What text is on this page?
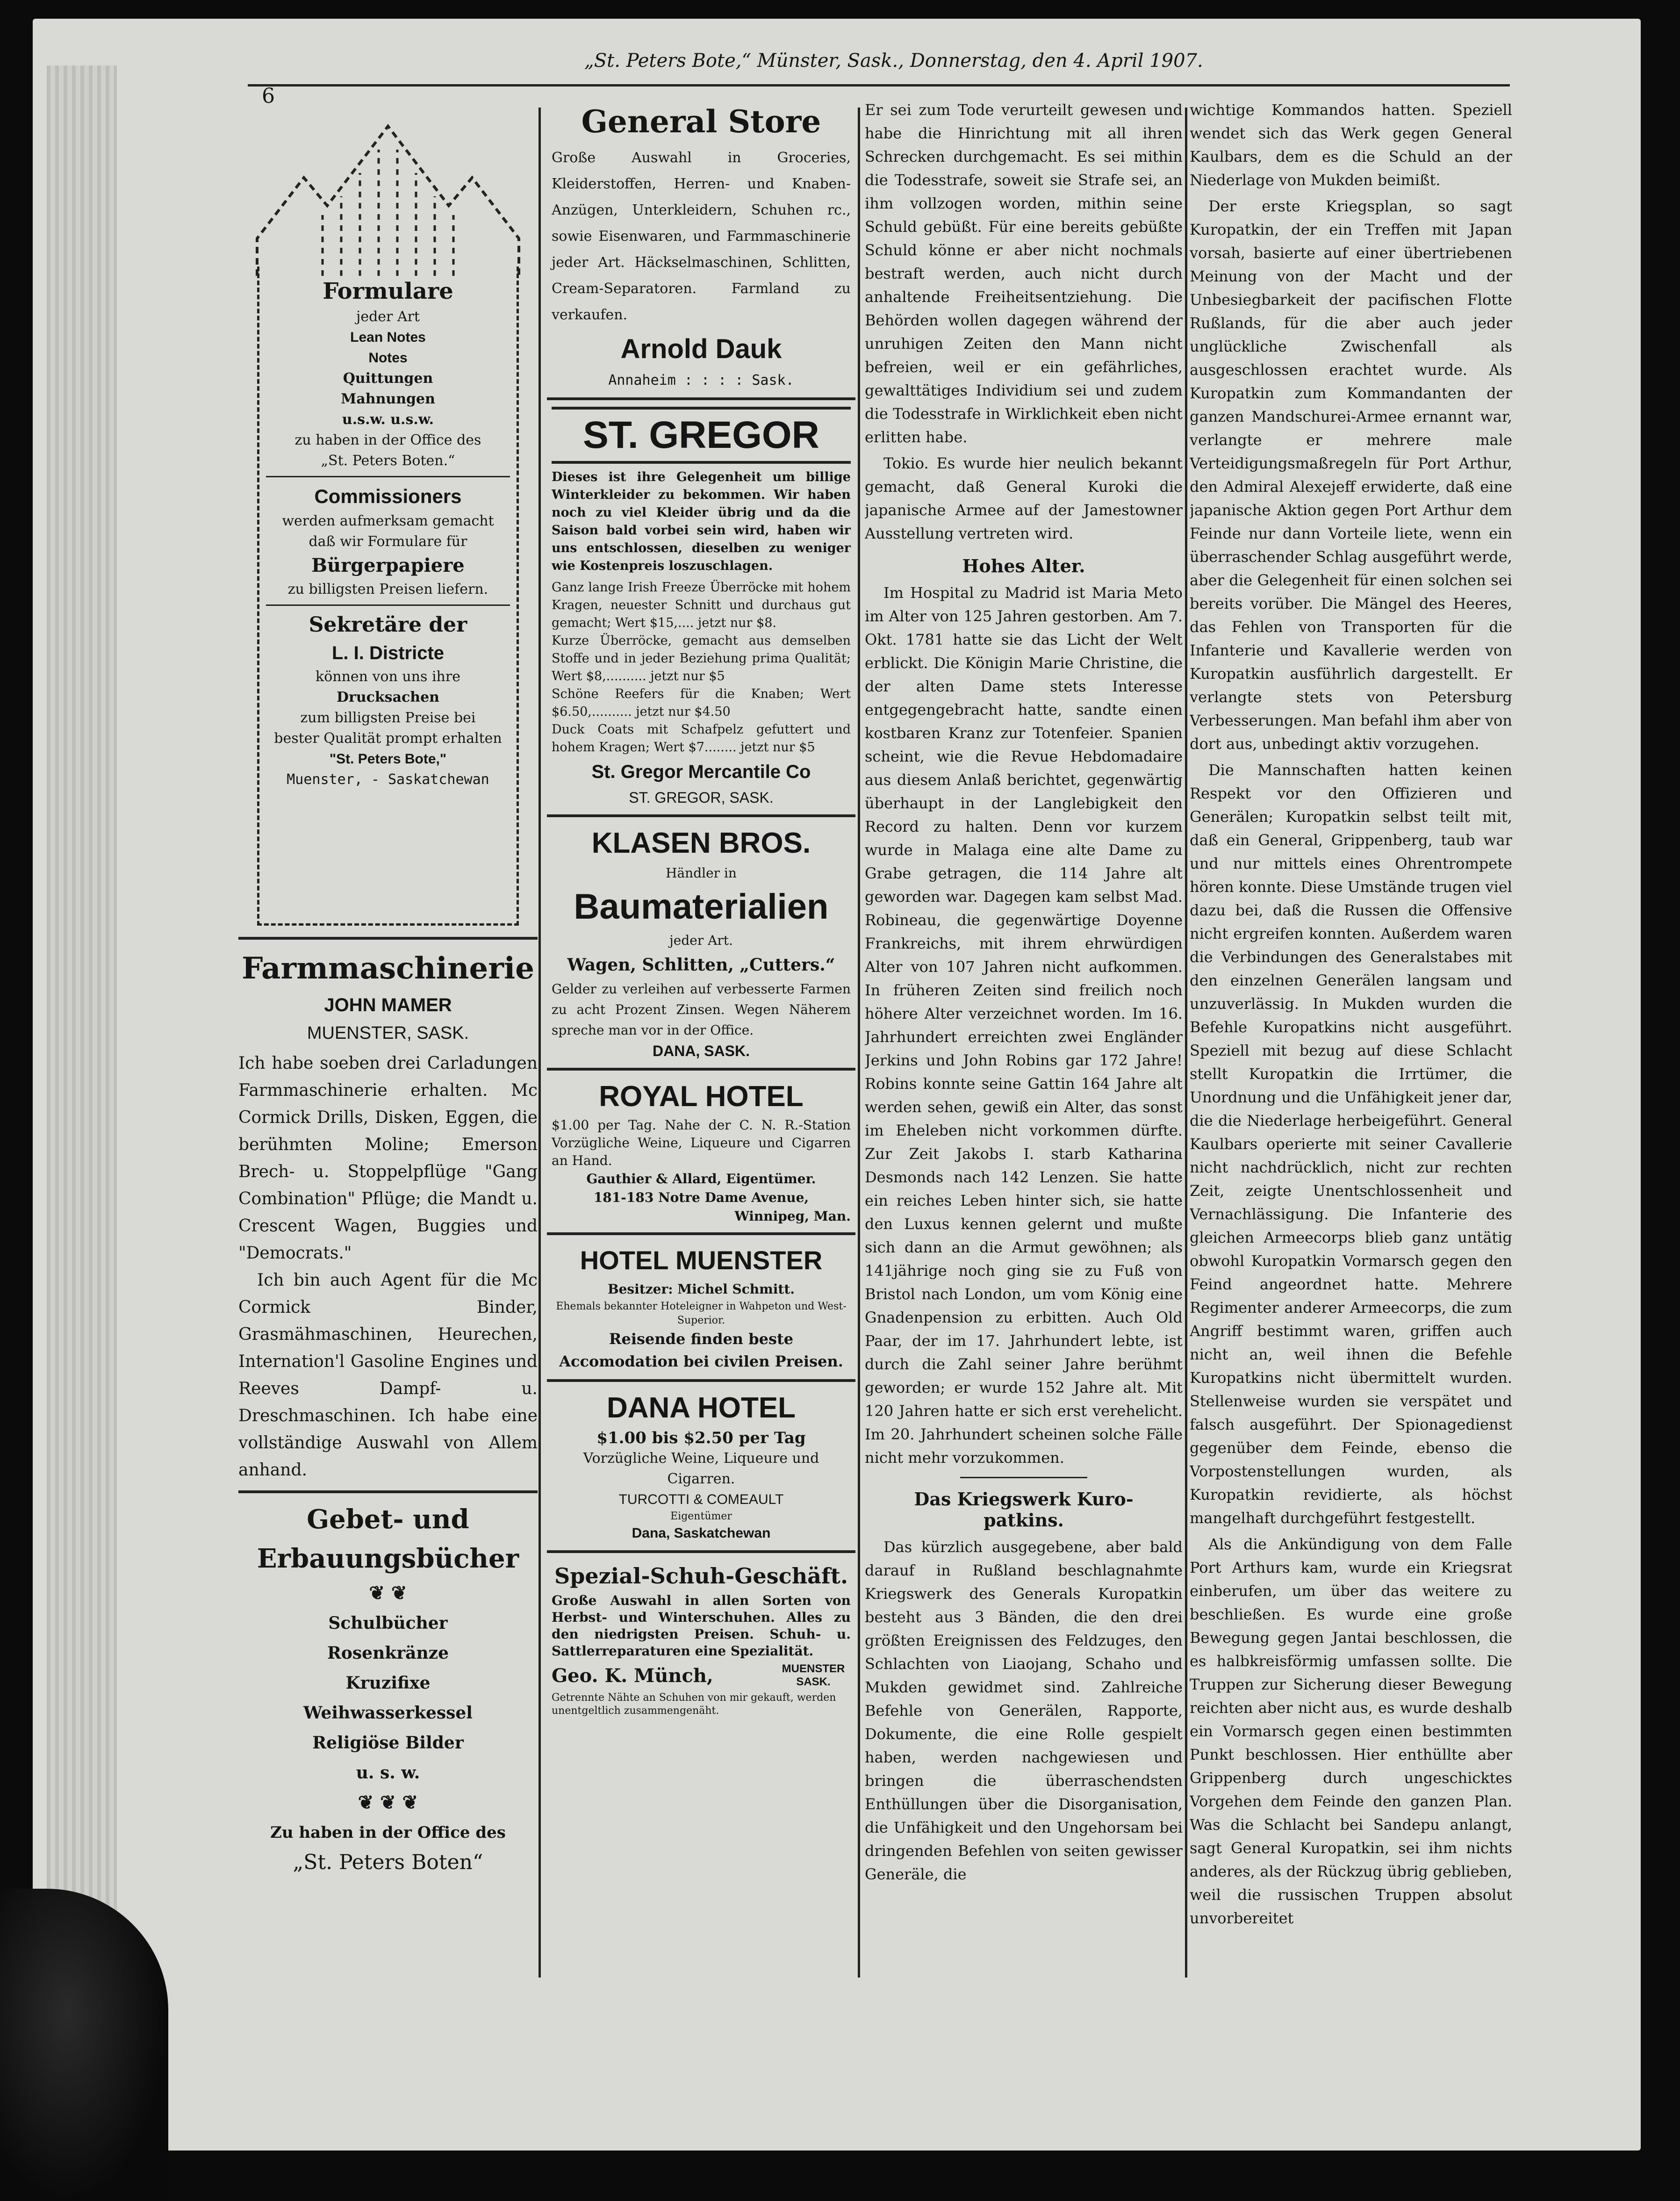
„St. Peters Bote,“ Münster, Sask., Donnerstag, den 4. April 1907.
6
Formulare
jeder Art
Lean Notes
Notes
Quittungen
Mahnungen
u.s.w. u.s.w.
zu haben in der Office des
„St. Peters Boten.“
Commissioners
werden aufmerksam gemacht
daß wir Formulare für
Bürgerpapiere
zu billigsten Preisen liefern.
Sekretäre der
L. I. Districte
können von uns ihre
Drucksachen
zum billigsten Preise bei
bester Qualität prompt erhalten
"St. Peters Bote,"
Muenster, - Saskatchewan
Farmmaschinerie
JOHN MAMER
MUENSTER, SASK.

Ich habe soeben drei Carladungen Farmmaschinerie erhalten. Mc Cormick Drills, Disken, Eggen, die berühmten Moline; Emerson Brech- u. Stoppelpflüge "Gang Combination" Pflüge; die Mandt u. Crescent Wagen, Buggies und "Democrats."

Ich bin auch Agent für die Mc Cormick Binder, Grasmähmaschinen, Heurechen, Internation'l Gasoline Engines und Reeves Dampf- u. Dreschmaschinen. Ich habe eine vollständige Auswahl von Allem anhand.

Gebet- und
Erbauungsbücher
❦ ❦
Schulbücher
Rosenkränze
Kruzifixe
Weihwasserkessel
Religiöse Bilder
u. s. w.
❦ ❦ ❦
Zu haben in der Office des
„St. Peters Boten“
General Store

Große Auswahl in Groceries, Kleiderstoffen, Herren- und Knaben-Anzügen, Unterkleidern, Schuhen rc., sowie Eisenwaren, und Farmmaschinerie jeder Art. Häckselmaschinen, Schlitten, Cream-Separatoren. Farmland zu verkaufen.

Arnold Dauk
Annaheim : : : : Sask.
ST. GREGOR

Dieses ist ihre Gelegenheit um billige Winterkleider zu bekommen. Wir haben noch zu viel Kleider übrig und da die Saison bald vorbei sein wird, haben wir uns entschlossen, dieselben zu weniger wie Kostenpreis loszuschlagen.

Ganz lange Irish Freeze Überröcke mit hohem Kragen, neuester Schnitt und durchaus gut gemacht; Wert $15,.... jetzt nur $8.

Kurze Überröcke, gemacht aus demselben Stoffe und in jeder Beziehung prima Qualität; Wert $8,.......... jetzt nur $5

Schöne Reefers für die Knaben; Wert $6.50,.......... jetzt nur $4.50

Duck Coats mit Schafpelz gefuttert und hohem Kragen; Wert $7........ jetzt nur $5

St. Gregor Mercantile Co
ST. GREGOR, SASK.
KLASEN BROS.
Händler in
Baumaterialien
jeder Art.
Wagen, Schlitten, „Cutters.“

Gelder zu verleihen auf verbesserte Farmen zu acht Prozent Zinsen. Wegen Näherem spreche man vor in der Office.

DANA, SASK.
ROYAL HOTEL

$1.00 per Tag. Nahe der C. N. R.-Station Vorzügliche Weine, Liqueure und Cigarren an Hand.

Gauthier & Allard, Eigentümer.
181-183 Notre Dame Avenue,
Winnipeg, Man.
HOTEL MUENSTER
Besitzer: Michel Schmitt.
Ehemals bekannter Hoteleigner in Wahpeton und West-Superior.
Reisende finden beste Accomodation bei civilen Preisen.
DANA HOTEL
$1.00 bis $2.50 per Tag
Vorzügliche Weine, Liqueure und Cigarren.
TURCOTTI & COMEAULT
Eigentümer
Dana, Saskatchewan
Spezial-Schuh-Geschäft.

Große Auswahl in allen Sorten von Herbst- und Winterschuhen. Alles zu den niedrigsten Preisen. Schuh- u. Sattlerreparaturen eine Spezialität.

Geo. K. Münch,	MUENSTER SASK.

Getrennte Nähte an Schuhen von mir gekauft, werden unentgeltlich zusammengenäht.

Er sei zum Tode verurteilt gewesen und habe die Hinrichtung mit all ihren Schrecken durchgemacht. Es sei mithin die Todesstrafe, soweit sie Strafe sei, an ihm vollzogen worden, mithin seine Schuld gebüßt. Für eine bereits gebüßte Schuld könne er aber nicht nochmals bestraft werden, auch nicht durch anhaltende Freiheitsentziehung. Die Behörden wollen dagegen während der unruhigen Zeiten den Mann nicht befreien, weil er ein gefährliches, gewalttätiges Individium sei und zudem die Todesstrafe in Wirklichkeit eben nicht erlitten habe.

Tokio. Es wurde hier neulich bekannt gemacht, daß General Kuroki die japanische Armee auf der Jamestowner Ausstellung vertreten wird.

Hohes Alter.

Im Hospital zu Madrid ist Maria Meto im Alter von 125 Jahren gestorben. Am 7. Okt. 1781 hatte sie das Licht der Welt erblickt. Die Königin Marie Christine, die der alten Dame stets Interesse entgegengebracht hatte, sandte einen kostbaren Kranz zur Totenfeier. Spanien scheint, wie die Revue Hebdomadaire aus diesem Anlaß berichtet, gegenwärtig überhaupt in der Langlebigkeit den Record zu halten. Denn vor kurzem wurde in Malaga eine alte Dame zu Grabe getragen, die 114 Jahre alt geworden war. Dagegen kam selbst Mad. Robineau, die gegenwärtige Doyenne Frankreichs, mit ihrem ehrwürdigen Alter von 107 Jahren nicht aufkommen. In früheren Zeiten sind freilich noch höhere Alter verzeichnet worden. Im 16. Jahrhundert erreichten zwei Engländer Jerkins und John Robins gar 172 Jahre! Robins konnte seine Gattin 164 Jahre alt werden sehen, gewiß ein Alter, das sonst im Eheleben nicht vorkommen dürfte. Zur Zeit Jakobs I. starb Katharina Desmonds nach 142 Lenzen. Sie hatte ein reiches Leben hinter sich, sie hatte den Luxus kennen gelernt und mußte sich dann an die Armut gewöhnen; als 141jährige noch ging sie zu Fuß von Bristol nach London, um vom König eine Gnadenpension zu erbitten. Auch Old Paar, der im 17. Jahrhundert lebte, ist durch die Zahl seiner Jahre berühmt geworden; er wurde 152 Jahre alt. Mit 120 Jahren hatte er sich erst verehelicht. Im 20. Jahrhundert scheinen solche Fälle nicht mehr vorzukommen.

Das Kriegswerk Kuro-
patkins.

Das kürzlich ausgegebene, aber bald darauf in Rußland beschlagnahmte Kriegswerk des Generals Kuropatkin besteht aus 3 Bänden, die den drei größten Ereignissen des Feldzuges, den Schlachten von Liaojang, Schaho und Mukden gewidmet sind. Zahlreiche Befehle von Generälen, Rapporte, Dokumente, die eine Rolle gespielt haben, werden nachgewiesen und bringen die überraschendsten Enthüllungen über die Disorganisation, die Unfähigkeit und den Ungehorsam bei dringenden Befehlen von seiten gewisser Generäle, die

wichtige Kommandos hatten. Speziell wendet sich das Werk gegen General Kaulbars, dem es die Schuld an der Niederlage von Mukden beimißt.

Der erste Kriegsplan, so sagt Kuropatkin, der ein Treffen mit Japan vorsah, basierte auf einer übertriebenen Meinung von der Macht und der Unbesiegbarkeit der pacifischen Flotte Rußlands, für die aber auch jeder unglückliche Zwischenfall als ausgeschlossen erachtet wurde. Als Kuropatkin zum Kommandanten der ganzen Mandschurei-Armee ernannt war, verlangte er mehrere male Verteidigungsmaßregeln für Port Arthur, den Admiral Alexejeff erwiderte, daß eine japanische Aktion gegen Port Arthur dem Feinde nur dann Vorteile liete, wenn ein überraschender Schlag ausgeführt werde, aber die Gelegenheit für einen solchen sei bereits vorüber. Die Mängel des Heeres, das Fehlen von Transporten für die Infanterie und Kavallerie werden von Kuropatkin ausführlich dargestellt. Er verlangte stets von Petersburg Verbesserungen. Man befahl ihm aber von dort aus, unbedingt aktiv vorzugehen.

Die Mannschaften hatten keinen Respekt vor den Offizieren und Generälen; Kuropatkin selbst teilt mit, daß ein General, Grippenberg, taub war und nur mittels eines Ohrentrompete hören konnte. Diese Umstände trugen viel dazu bei, daß die Russen die Offensive nicht ergreifen konnten. Außerdem waren die Verbindungen des Generalstabes mit den einzelnen Generälen langsam und unzuverlässig. In Mukden wurden die Befehle Kuropatkins nicht ausgeführt. Speziell mit bezug auf diese Schlacht stellt Kuropatkin die Irrtümer, die Unordnung und die Unfähigkeit jener dar, die die Niederlage herbeigeführt. General Kaulbars operierte mit seiner Cavallerie nicht nachdrücklich, nicht zur rechten Zeit, zeigte Unentschlossenheit und Vernachlässigung. Die Infanterie des gleichen Armeecorps blieb ganz untätig obwohl Kuropatkin Vormarsch gegen den Feind angeordnet hatte. Mehrere Regimenter anderer Armeecorps, die zum Angriff bestimmt waren, griffen auch nicht an, weil ihnen die Befehle Kuropatkins nicht übermittelt wurden. Stellenweise wurden sie verspätet und falsch ausgeführt. Der Spionagedienst gegenüber dem Feinde, ebenso die Vorpostenstellungen wurden, als Kuropatkin revidierte, als höchst mangelhaft durchgeführt festgestellt.

Als die Ankündigung von dem Falle Port Arthurs kam, wurde ein Kriegsrat einberufen, um über das weitere zu beschließen. Es wurde eine große Bewegung gegen Jantai beschlossen, die es halbkreisförmig umfassen sollte. Die Truppen zur Sicherung dieser Bewegung reichten aber nicht aus, es wurde deshalb ein Vormarsch gegen einen bestimmten Punkt beschlossen. Hier enthüllte aber Grippenberg durch ungeschicktes Vorgehen dem Feinde den ganzen Plan. Was die Schlacht bei Sandepu anlangt, sagt General Kuropatkin, sei ihm nichts anderes, als der Rückzug übrig geblieben, weil die russischen Truppen absolut unvorbereitet
